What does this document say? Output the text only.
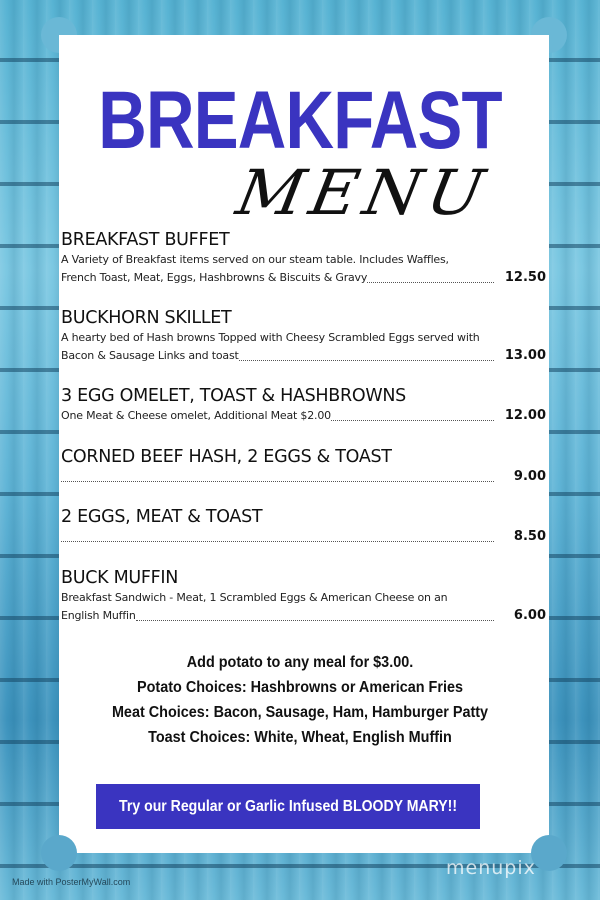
BREAKFAST
MENU
BREAKFAST BUFFET
A Variety of Breakfast items served on our steam table. Includes Waffles,
French Toast, Meat, Eggs, Hashbrowns & Biscuits & Gravy	12.50
BUCKHORN SKILLET
A hearty bed of Hash browns Topped with Cheesy Scrambled Eggs served with
Bacon & Sausage Links and toast	13.00
3 EGG OMELET, TOAST & HASHBROWNS
One Meat & Cheese omelet, Additional Meat $2.00	12.00
CORNED BEEF HASH, 2 EGGS & TOAST
9.00
2 EGGS, MEAT & TOAST
8.50
BUCK MUFFIN
Breakfast Sandwich - Meat, 1 Scrambled Eggs & American Cheese on an
English Muffin	6.00
Add potato to any meal for $3.00.
Potato Choices: Hashbrowns or American Fries
Meat Choices: Bacon, Sausage, Ham, Hamburger Patty
Toast Choices: White, Wheat, English Muffin
Try our Regular or Garlic Infused BLOODY MARY!!
Made with PosterMyWall.com
menupix
